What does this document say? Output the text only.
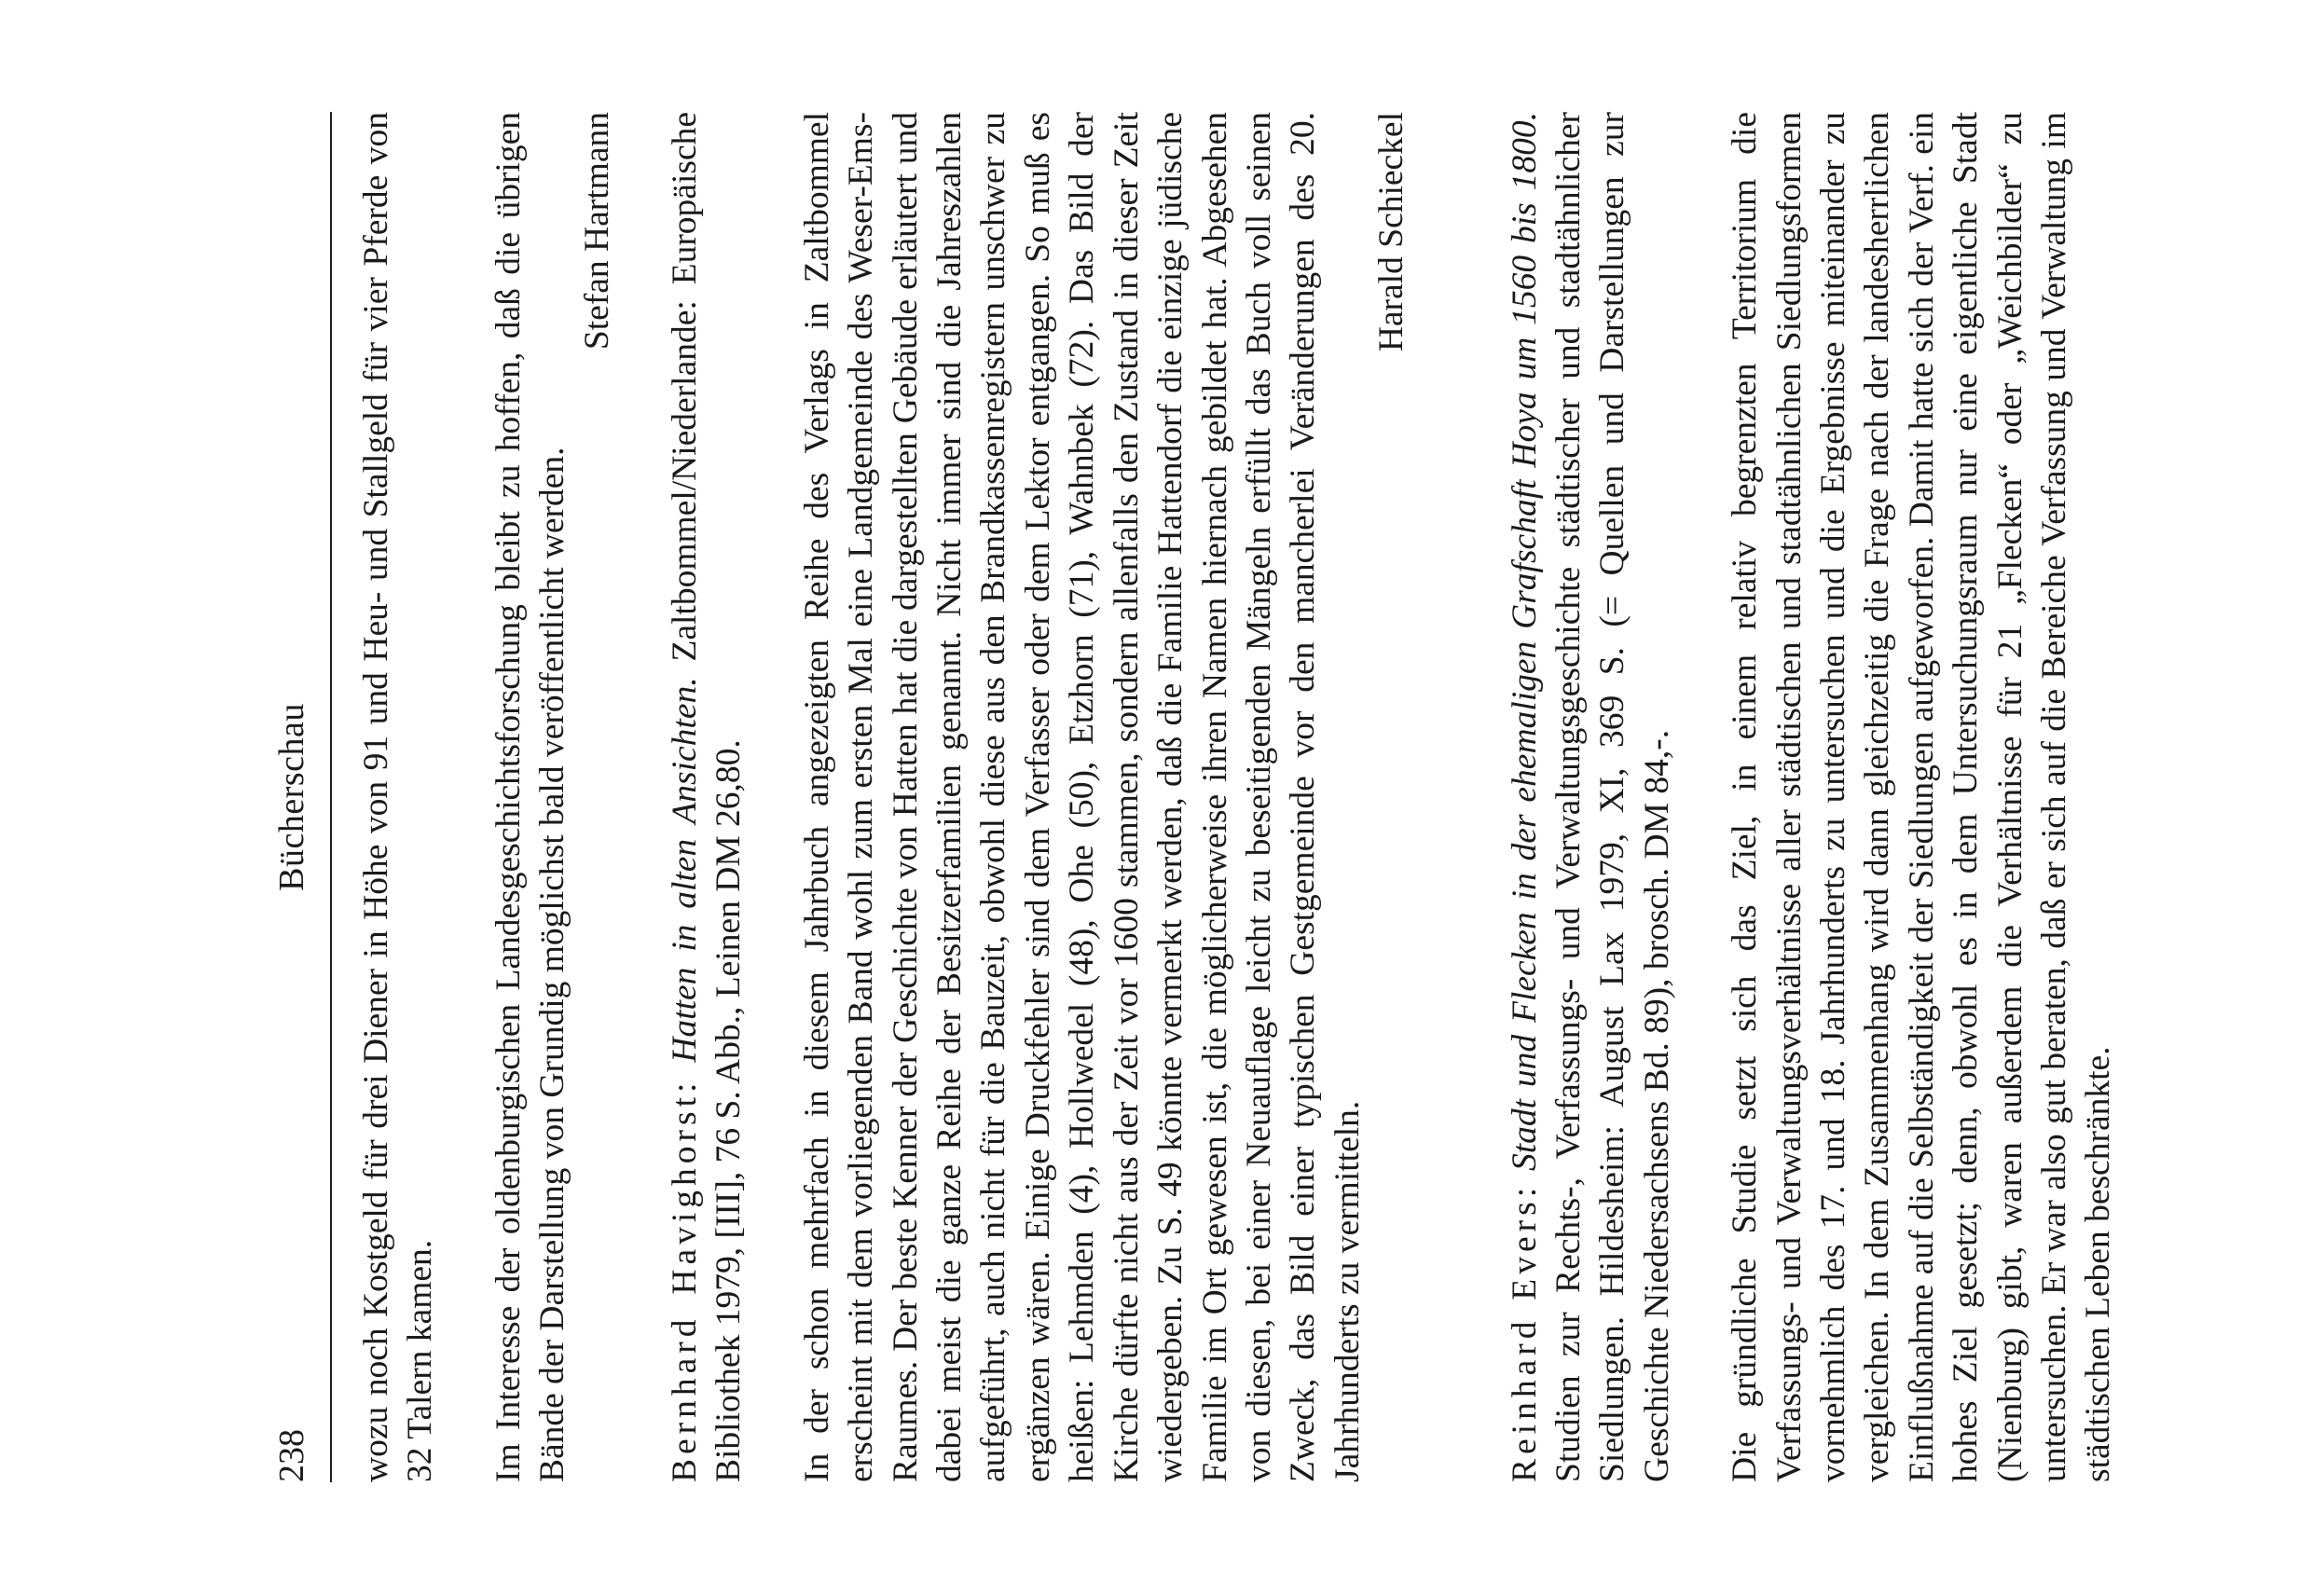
238
Bücherschau wozu noch Kostgeld für drei Diener in Höhe von 91 und Heu- und Stallgeld für vier Pferde von 32 Talern kamen. Im Interesse der oldenburgischen Landesgeschichtsforschung bleibt zu hoffen, daß die übrigen Bände der Darstellung von Grundig möglichst bald veröffentlicht werden.

Stefan Hartmann

Bernhard Havighorst: Hatten in alten Ansichten. Zaltbommel/Niederlande: Europäische Bibliothek 1979, [III], 76 S. Abb., Leinen DM 26,80. In der schon mehrfach in diesem Jahrbuch angezeigten Reihe des Verlags in Zaltbommel erscheint mit dem vorliegenden Band wohl zum ersten Mal eine Landgemeinde des Weser-Ems-Raumes. Der beste Kenner der Geschichte von Hatten hat die dargestellten Gebäude erläutert und dabei meist die ganze Reihe der Besitzerfamilien genannt. Nicht immer sind die Jahreszahlen aufgeführt, auch nicht für die Bauzeit, obwohl diese aus den Brandkassenregistern unschwer zu ergänzen wären. Einige Druckfehler sind dem Verfasser oder dem Lektor entgangen. So muß es heißen: Lehmden (4), Hollwedel (48), Ohe (50), Etzhorn (71), Wahnbek (72). Das Bild der Kirche dürfte nicht aus der Zeit vor 1600 stammen, sondern allenfalls den Zustand in dieser Zeit wiedergeben. Zu S. 49 könnte vermerkt werden, daß die Familie Hattendorf die einzige jüdische Familie im Ort gewesen ist, die möglicherweise ihren Namen hiernach gebildet hat. Abgesehen von diesen, bei einer Neuauflage leicht zu beseitigenden Mängeln erfüllt das Buch voll seinen Zweck, das Bild einer typischen Gestgemeinde vor den mancherlei Veränderungen des 20. Jahrhunderts zu vermitteln.

Harald Schieckel

Reinhard Evers: Stadt und Flecken in der ehemaligen Grafschaft Hoya um 1560 bis 1800. Studien zur Rechts-, Verfassungs- und Verwaltungsgeschichte städtischer und stadtähnlicher Siedlungen. Hildesheim: August Lax 1979, XI, 369 S. (= Quellen und Darstellungen zur Geschichte Niedersachsens Bd. 89), brosch. DM 84,-. Die gründliche Studie setzt sich das Ziel, in einem relativ begrenzten Territorium die Verfassungs- und Verwaltungsverhältnisse aller städtischen und stadtähnlichen Siedlungsformen vornehmlich des 17. und 18. Jahrhunderts zu untersuchen und die Ergebnisse miteinander zu vergleichen. In dem Zusammenhang wird dann gleichzeitig die Frage nach der landesherrlichen Einflußnahme auf die Selbständigkeit der Siedlungen aufgeworfen. Damit hatte sich der Verf. ein hohes Ziel gesetzt; denn, obwohl es in dem Untersuchungsraum nur eine eigentliche Stadt (Nienburg) gibt, waren außerdem die Verhältnisse für 21 „Flecken“ oder „Weichbilder“ zu untersuchen. Er war also gut beraten, daß er sich auf die Bereiche Verfassung und Verwaltung im städtischen Leben beschränkte.
